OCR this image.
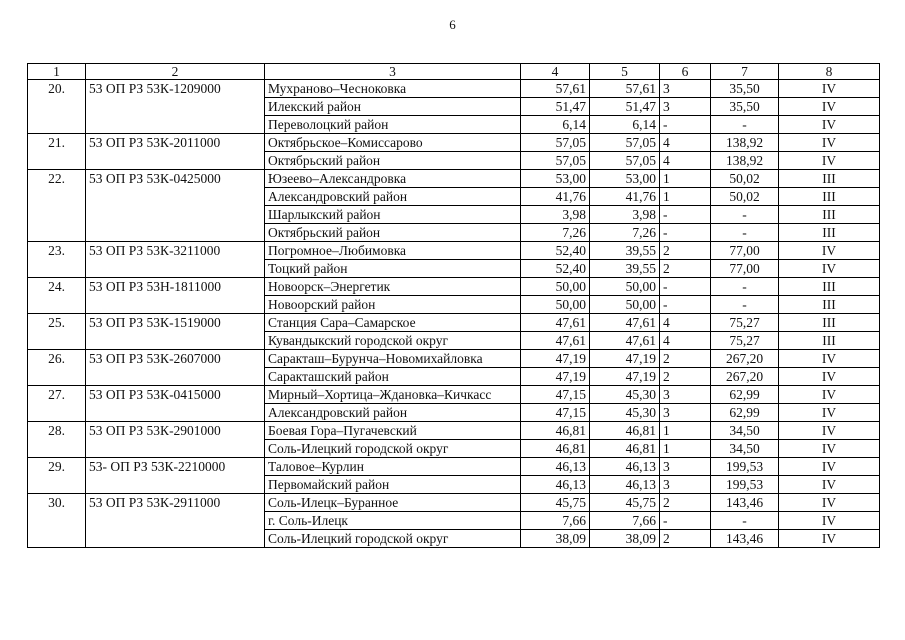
6
1	2	3	4	5	6	7	8
20.	53 ОП РЗ 53К-1209000	Мухраново–Чесноковка	57,61	57,61	3	35,50	IV
		Илекский район	51,47	51,47	3	35,50	IV
		Переволоцкий район	6,14	6,14	-	-	IV
21.	53 ОП РЗ 53К-2011000	Октябрьское–Комиссарово	57,05	57,05	4	138,92	IV
		Октябрьский район	57,05	57,05	4	138,92	IV
22.	53 ОП РЗ 53К-0425000	Юзеево–Александровка	53,00	53,00	1	50,02	III
		Александровский район	41,76	41,76	1	50,02	III
		Шарлыкский район	3,98	3,98	-	-	III
		Октябрьский район	7,26	7,26	-	-	III
23.	53 ОП РЗ 53К-3211000	Погромное–Любимовка	52,40	39,55	2	77,00	IV
		Тоцкий район	52,40	39,55	2	77,00	IV
24.	53 ОП РЗ 53Н-1811000	Новоорск–Энергетик	50,00	50,00	-	-	III
		Новоорский район	50,00	50,00	-	-	III
25.	53 ОП РЗ 53К-1519000	Станция Сара–Самарское	47,61	47,61	4	75,27	III
		Кувандыкский городской округ	47,61	47,61	4	75,27	III
26.	53 ОП РЗ 53К-2607000	Саракташ–Бурунча–Новомихайловка	47,19	47,19	2	267,20	IV
		Саракташский район	47,19	47,19	2	267,20	IV
27.	53 ОП РЗ 53К-0415000	Мирный–Хортица–Ждановка–Кичкасс	47,15	45,30	3	62,99	IV
		Александровский район	47,15	45,30	3	62,99	IV
28.	53 ОП РЗ 53К-2901000	Боевая Гора–Пугачевский	46,81	46,81	1	34,50	IV
		Соль-Илецкий городской округ	46,81	46,81	1	34,50	IV
29.	53- ОП РЗ 53К-2210000	Таловое–Курлин	46,13	46,13	3	199,53	IV
		Первомайский район	46,13	46,13	3	199,53	IV
30.	53 ОП РЗ 53К-2911000	Соль-Илецк–Буранное	45,75	45,75	2	143,46	IV
		г. Соль-Илецк	7,66	7,66	-	-	IV
		Соль-Илецкий городской округ	38,09	38,09	2	143,46	IV
